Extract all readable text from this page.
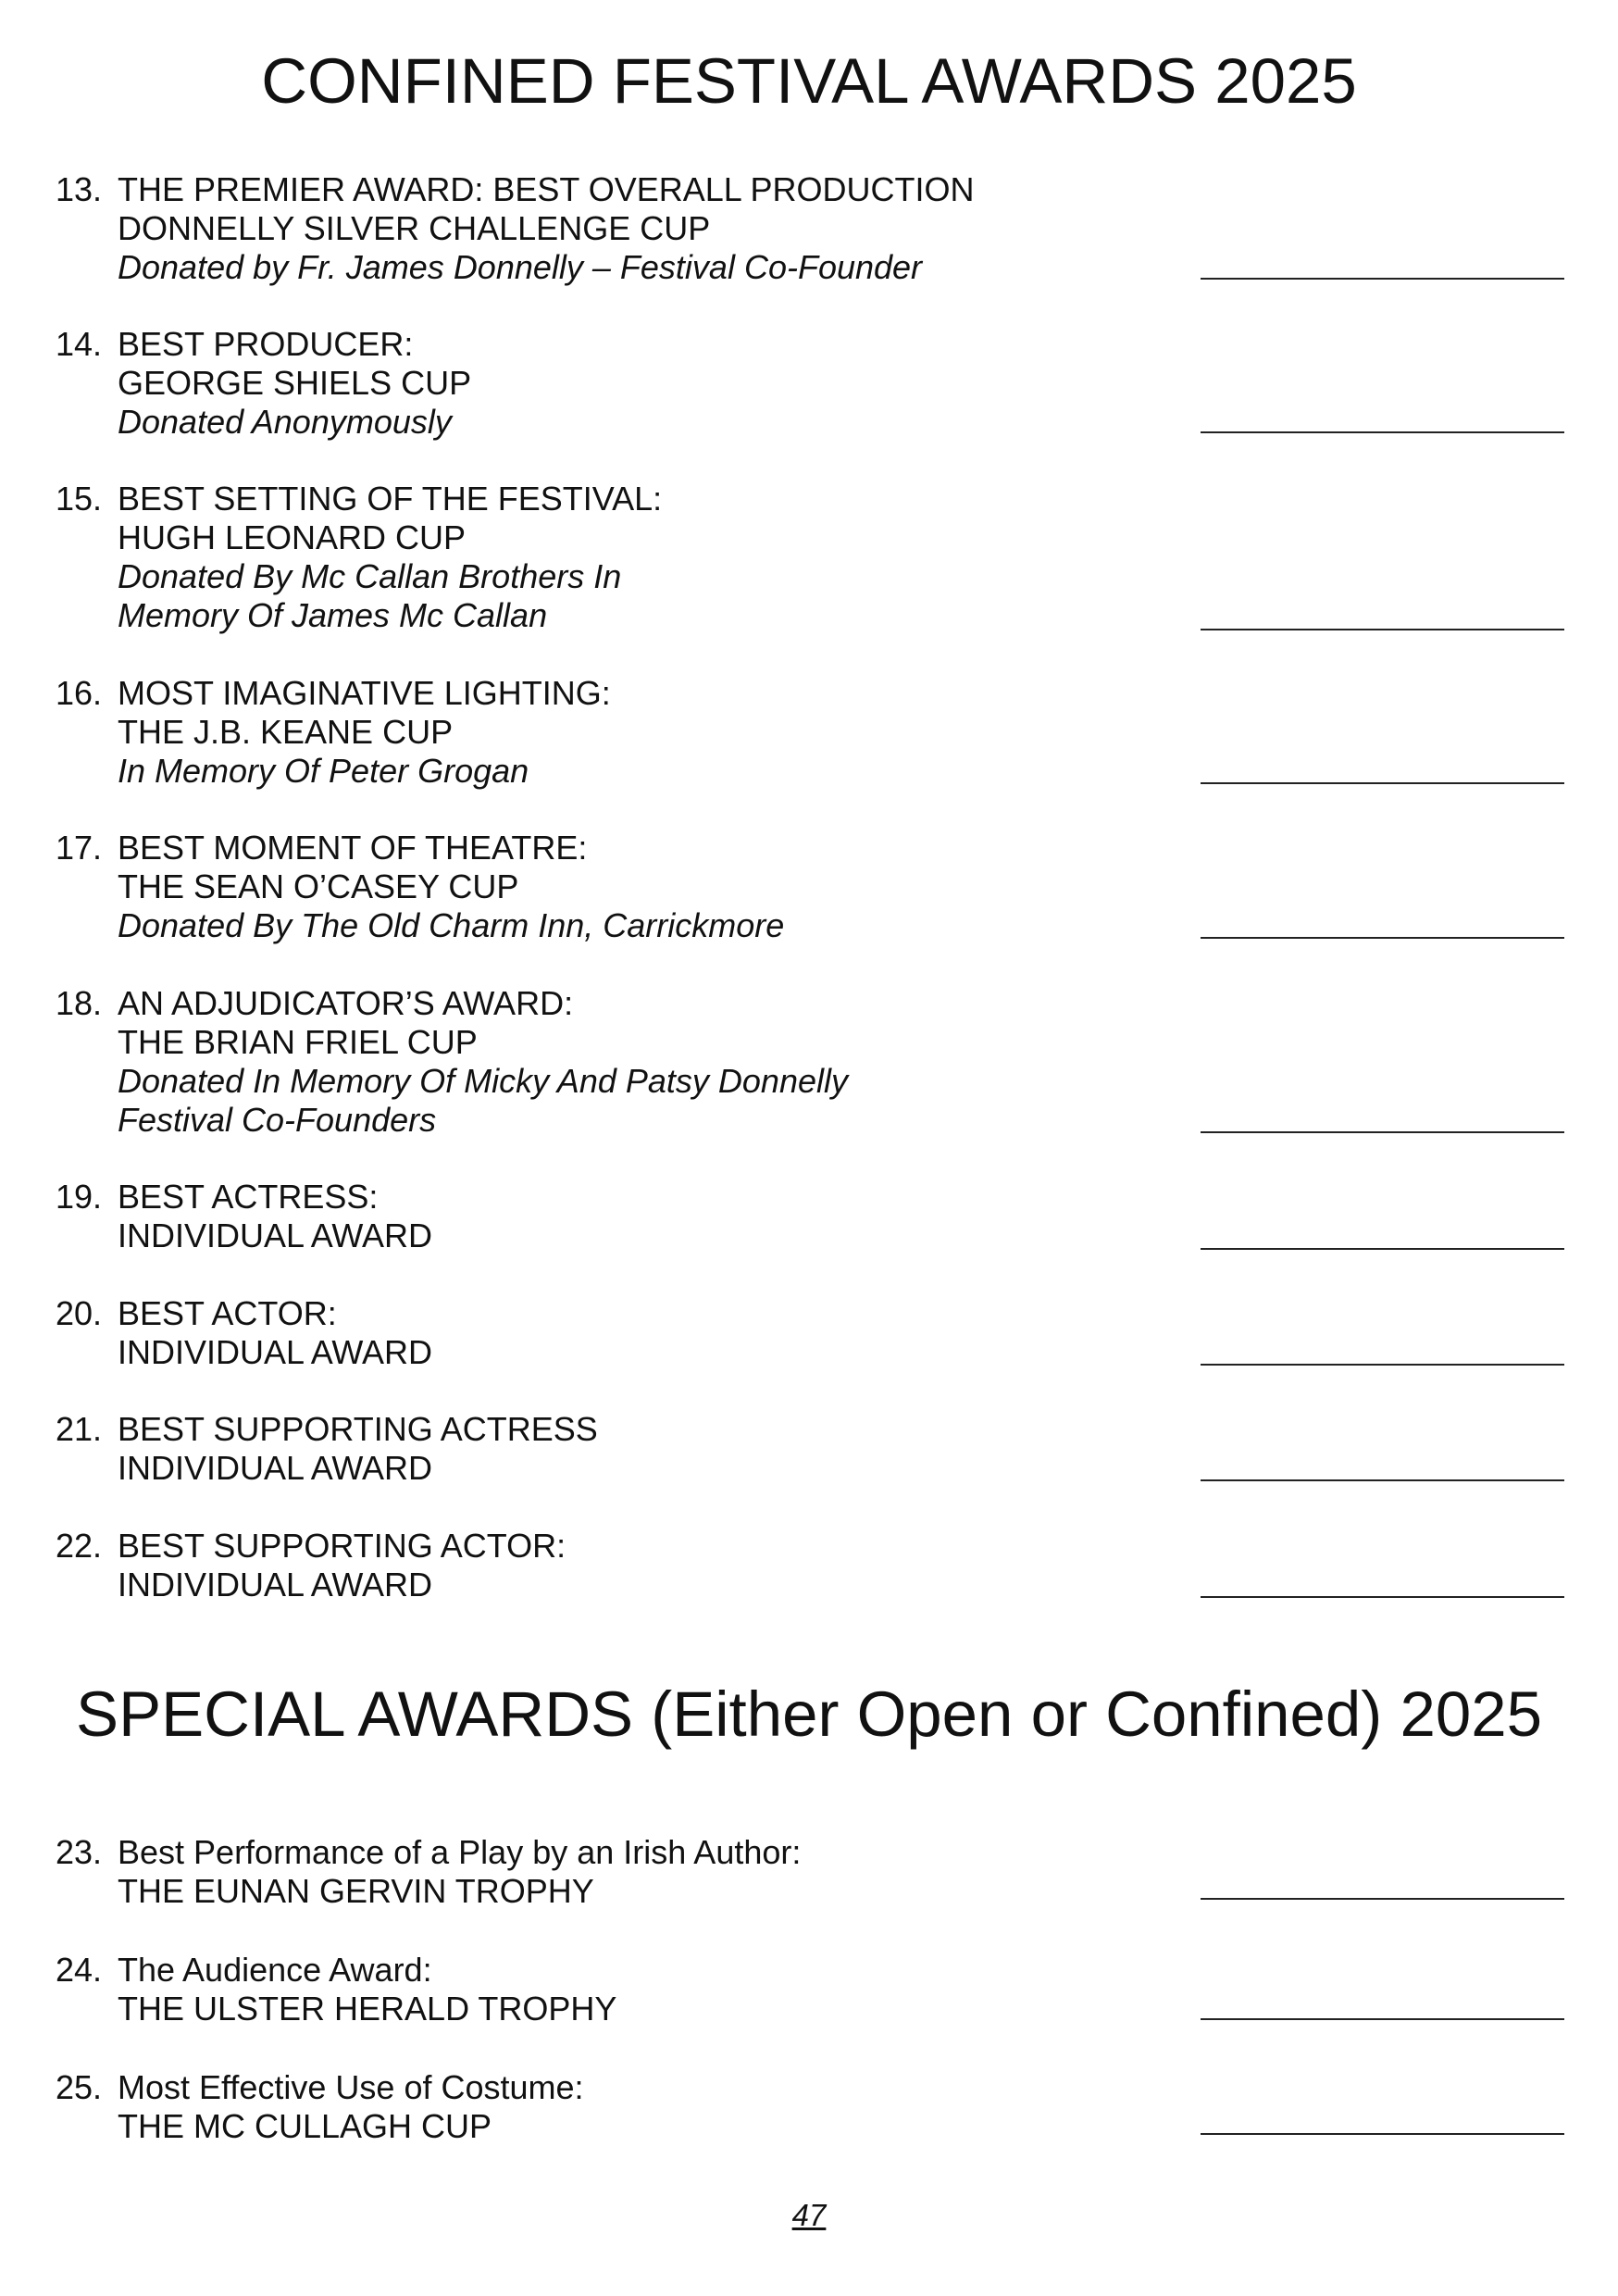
CONFINED FESTIVAL AWARDS 2025
13. THE PREMIER AWARD: BEST OVERALL PRODUCTION
DONNELLY SILVER CHALLENGE CUP
Donated by Fr. James Donnelly – Festival Co-Founder
14. BEST PRODUCER:
GEORGE SHIELS CUP
Donated Anonymously
15. BEST SETTING OF THE FESTIVAL:
HUGH LEONARD CUP
Donated By Mc Callan Brothers In
Memory Of James Mc Callan
16. MOST IMAGINATIVE LIGHTING:
THE J.B. KEANE CUP
In Memory Of Peter Grogan
17. BEST MOMENT OF THEATRE:
THE SEAN O’CASEY CUP
Donated By The Old Charm Inn, Carrickmore
18. AN ADJUDICATOR’S AWARD:
THE BRIAN FRIEL CUP
Donated In Memory Of Micky And Patsy Donnelly
Festival Co-Founders
19. BEST ACTRESS:
INDIVIDUAL AWARD
20. BEST ACTOR:
INDIVIDUAL AWARD
21. BEST SUPPORTING ACTRESS
INDIVIDUAL AWARD
22. BEST SUPPORTING ACTOR:
INDIVIDUAL AWARD
SPECIAL AWARDS (Either Open or Confined) 2025
23. Best Performance of a Play by an Irish Author:
THE EUNAN GERVIN TROPHY
24. The Audience Award:
THE ULSTER HERALD TROPHY
25. Most Effective Use of Costume:
THE MC CULLAGH CUP
47
